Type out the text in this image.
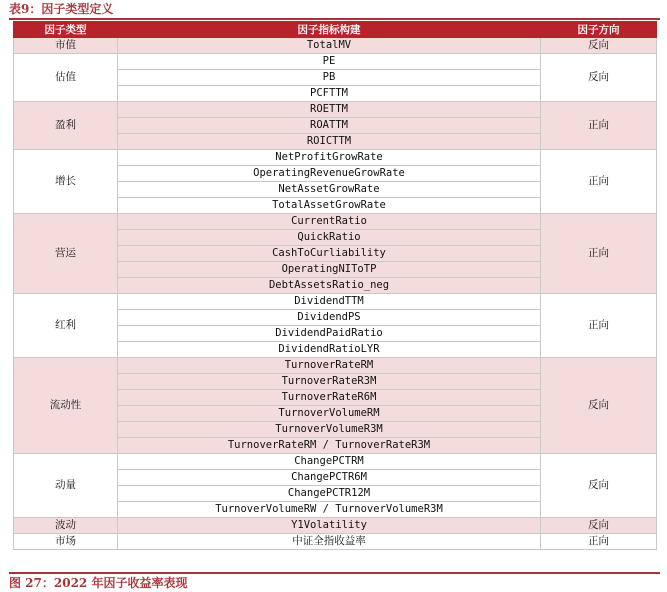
表9：因子类型定义
因子类型	因子指标构建	因子方向
市值	TotalMV	反向
估值	PE	反向
	PB	
	PCFTTM	
盈利	ROETTM	正向
	ROATTM	
	ROICTTM	
增长	NetProfitGrowRate	正向
	OperatingRevenueGrowRate	
	NetAssetGrowRate	
	TotalAssetGrowRate	
营运	CurrentRatio	正向
	QuickRatio	
	CashToCurliability	
	OperatingNIToTP	
	DebtAssetsRatio_neg	
红利	DividendTTM	正向
	DividendPS	
	DividendPaidRatio	
	DividendRatioLYR	
流动性	TurnoverRateRM	反向
	TurnoverRateR3M	
	TurnoverRateR6M	
	TurnoverVolumeRM	
	TurnoverVolumeR3M	
	TurnoverRateRM / TurnoverRateR3M	
动量	ChangePCTRM	反向
	ChangePCTR6M	
	ChangePCTR12M	
	TurnoverVolumeRW / TurnoverVolumeR3M	
波动	Y1Volatility	反向
市场	中证全指收益率	正向
图 27：2022 年因子收益率表现
